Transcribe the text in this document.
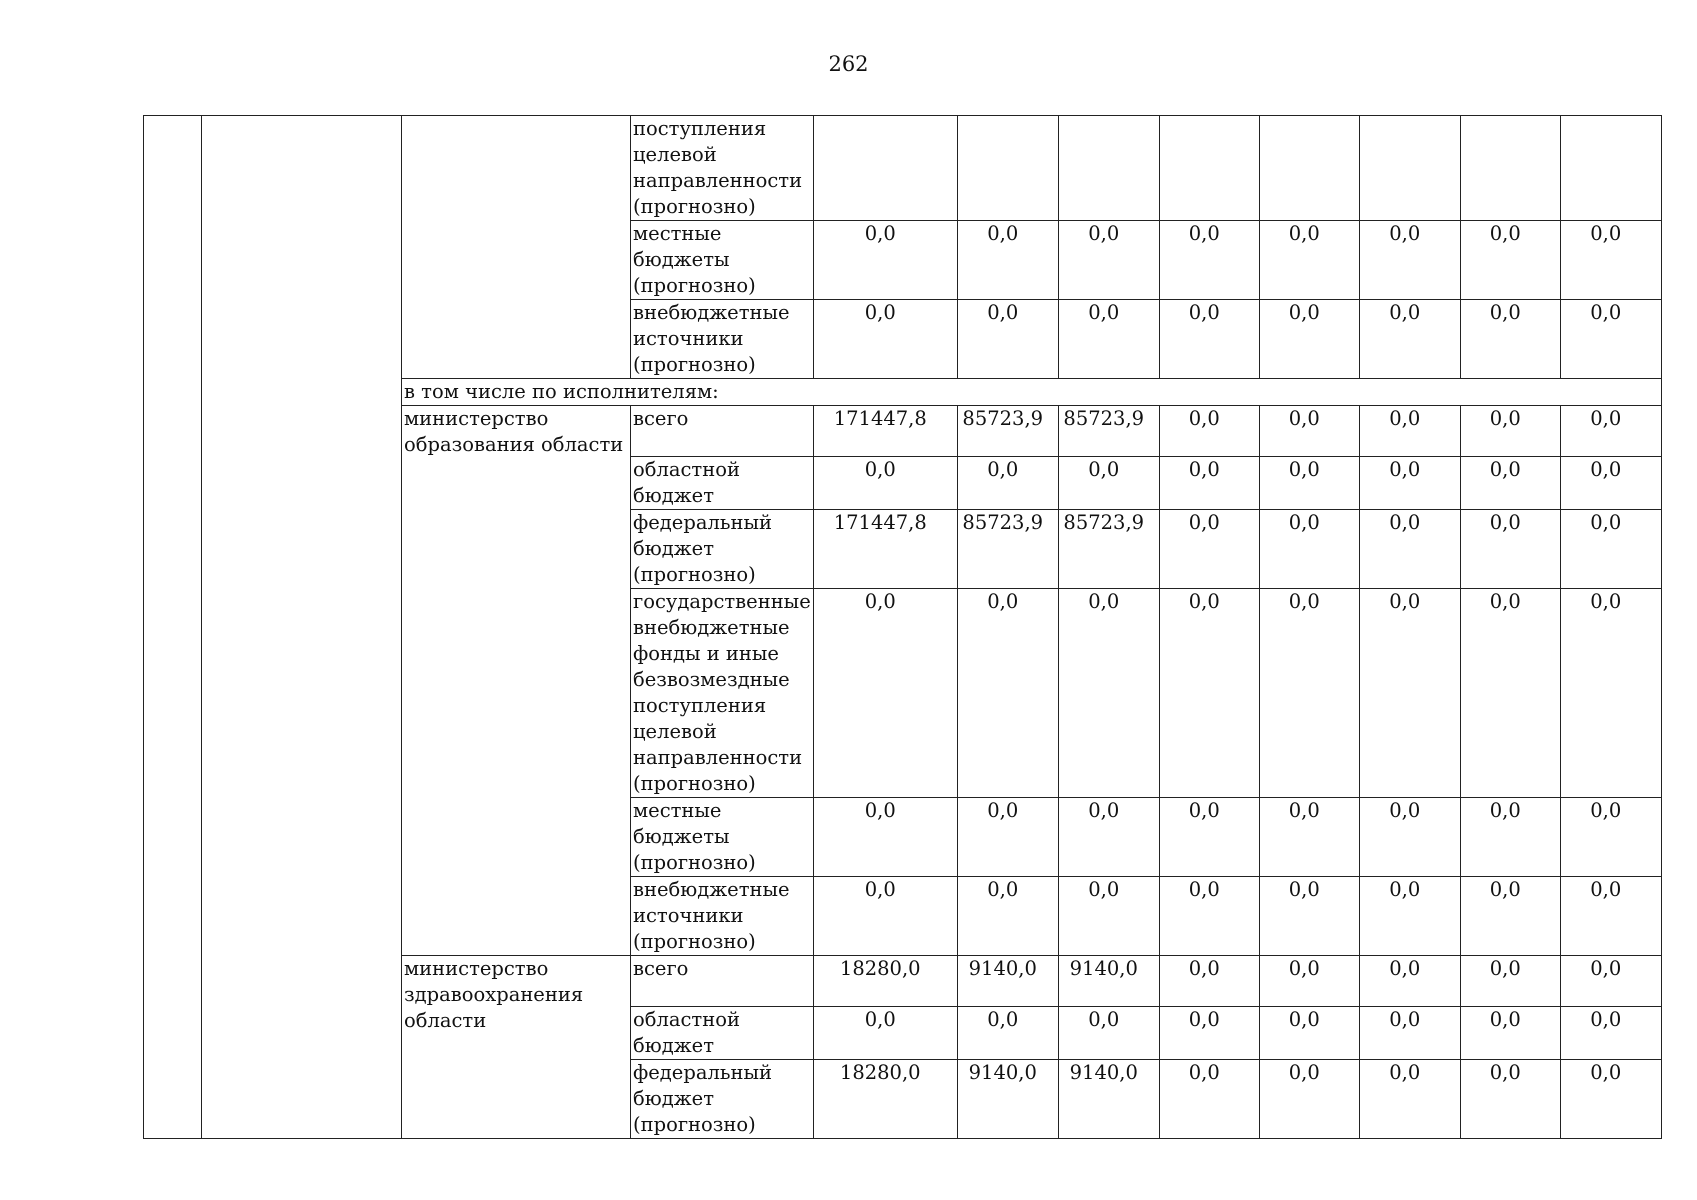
262
			поступления целевой направленности (прогнозно)								
			местные бюджеты (прогнозно)	0,0	0,0	0,0	0,0	0,0	0,0	0,0	0,0
			внебюджетные источники (прогнозно)	0,0	0,0	0,0	0,0	0,0	0,0	0,0	0,0
		в том числе по исполнителям:									
		министерство образования области	всего	171447,8	85723,9	85723,9	0,0	0,0	0,0	0,0	0,0
			областной бюджет	0,0	0,0	0,0	0,0	0,0	0,0	0,0	0,0
			федеральный бюджет (прогнозно)	171447,8	85723,9	85723,9	0,0	0,0	0,0	0,0	0,0
			государственные внебюджетные фонды и иные безвозмездные поступления целевой направленности (прогнозно)	0,0	0,0	0,0	0,0	0,0	0,0	0,0	0,0
			местные бюджеты (прогнозно)	0,0	0,0	0,0	0,0	0,0	0,0	0,0	0,0
			внебюджетные источники (прогнозно)	0,0	0,0	0,0	0,0	0,0	0,0	0,0	0,0
		министерство здравоохранения области	всего	18280,0	9140,0	9140,0	0,0	0,0	0,0	0,0	0,0
			областной бюджет	0,0	0,0	0,0	0,0	0,0	0,0	0,0	0,0
			федеральный бюджет (прогнозно)	18280,0	9140,0	9140,0	0,0	0,0	0,0	0,0	0,0
